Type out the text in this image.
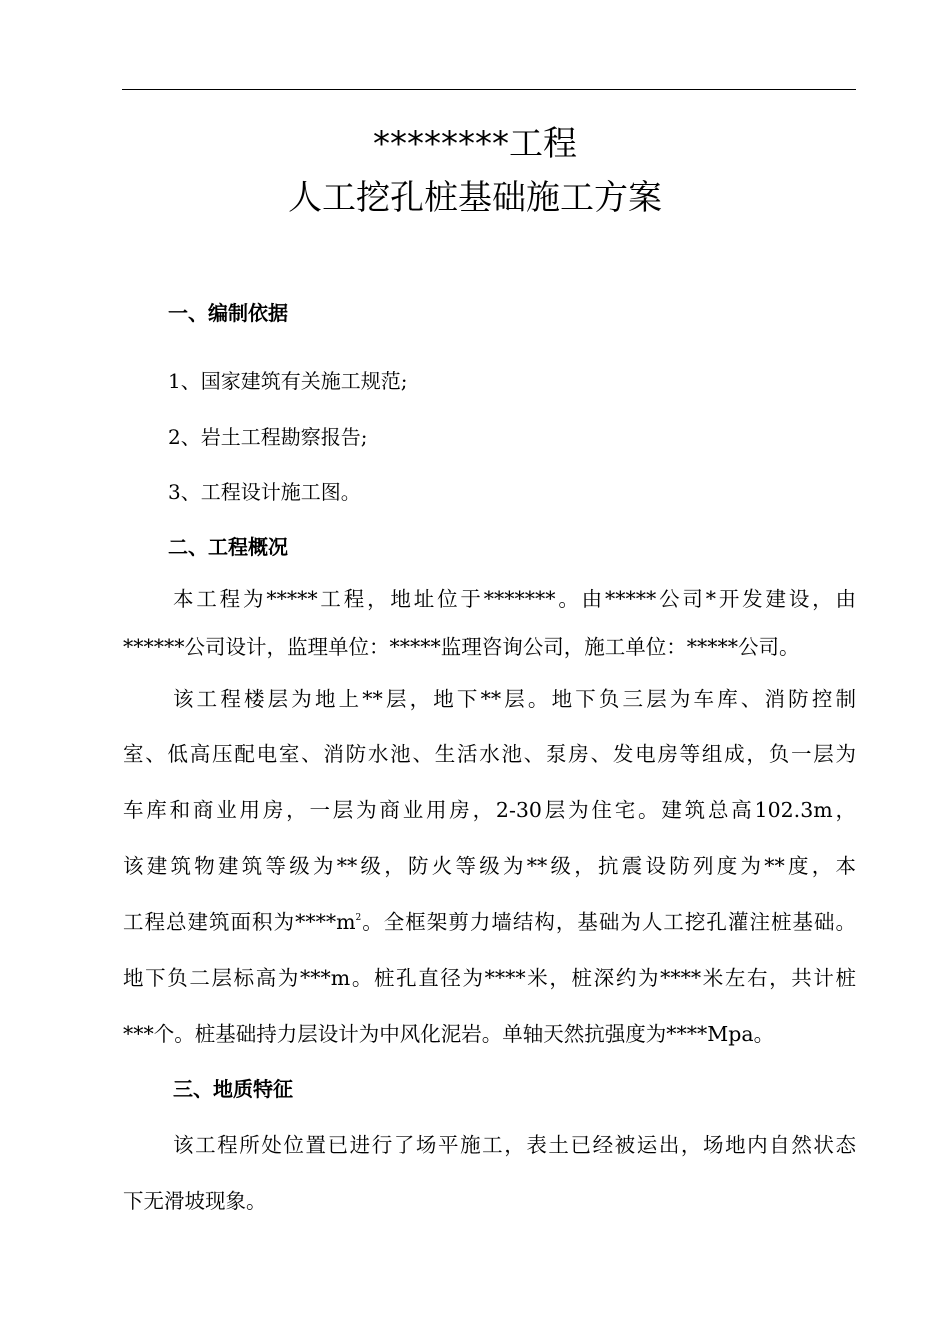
********工程
人工挖孔桩基础施工方案
一、编制依据
1、国家建筑有关施工规范;
2、岩土工程勘察报告;
3、工程设计施工图。
二、工程概况
本工程为*****工程，地址位于*******。由*****公司*开发建设，由
******公司设计，监理单位：*****监理咨询公司，施工单位：*****公司。
该工程楼层为地上**层，地下**层。地下负三层为车库、消防控制
室、低高压配电室、消防水池、生活水池、泵房、发电房等组成，负一层为
车库和商业用房，一层为商业用房，2-30层为住宅。建筑总高102.3m，
该建筑物建筑等级为**级，防火等级为**级，抗震设防列度为**度，本
工程总建筑面积为$****m^2$。全框架剪力墙结构，基础为人工挖孔灌注桩基础。
地下负二层标高为***m。桩孔直径为****米，桩深约为****米左右，共计桩
***个。桩基础持力层设计为中风化泥岩。单轴天然抗强度为****Mpa。
三、地质特征
该工程所处位置已进行了场平施工，表土已经被运出，场地内自然状态
下无滑坡现象。
